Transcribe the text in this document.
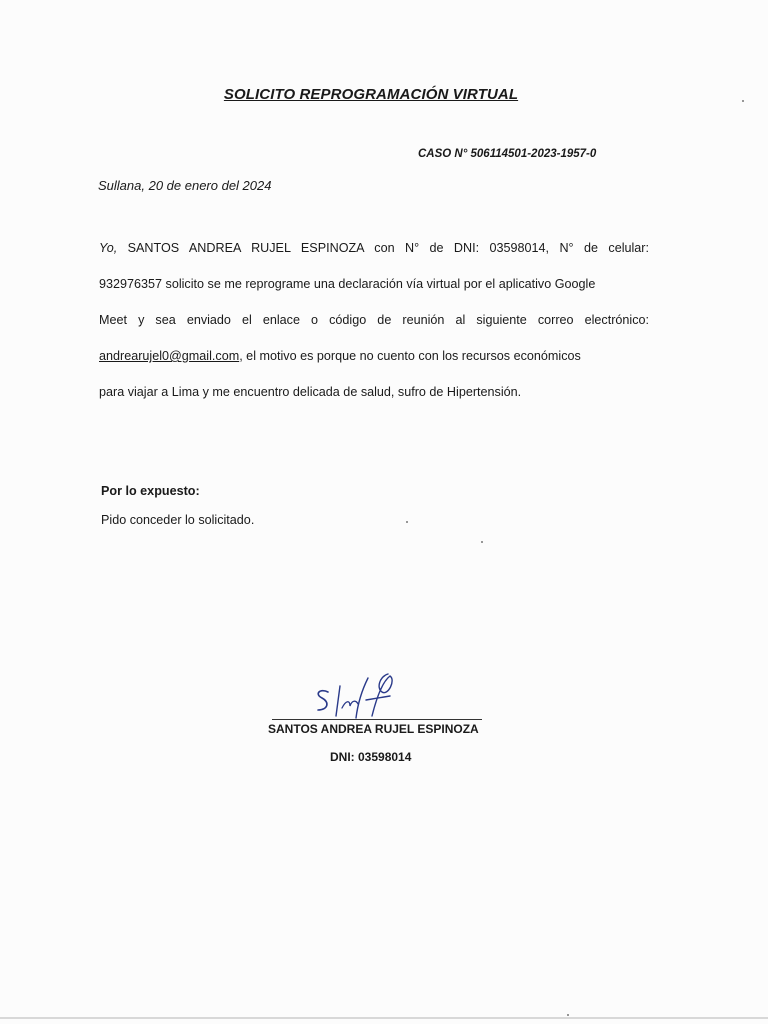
SOLICITO REPROGRAMACIÓN VIRTUAL
CASO N° 506114501-2023-1957-0
Sullana, 20 de enero del 2024
Yo, SANTOS ANDREA RUJEL ESPINOZA con N° de DNI: 03598014, N° de celular:
932976357 solicito se me reprograme una declaración vía virtual por el aplicativo Google
Meet y sea enviado el enlace o código de reunión al siguiente correo electrónico:
andrearujel0@gmail.com, el motivo es porque no cuento con los recursos económicos
para viajar a Lima y me encuentro delicada de salud, sufro de Hipertensión.
Por lo expuesto:
Pido conceder lo solicitado.
SANTOS ANDREA RUJEL ESPINOZA
DNI: 03598014
